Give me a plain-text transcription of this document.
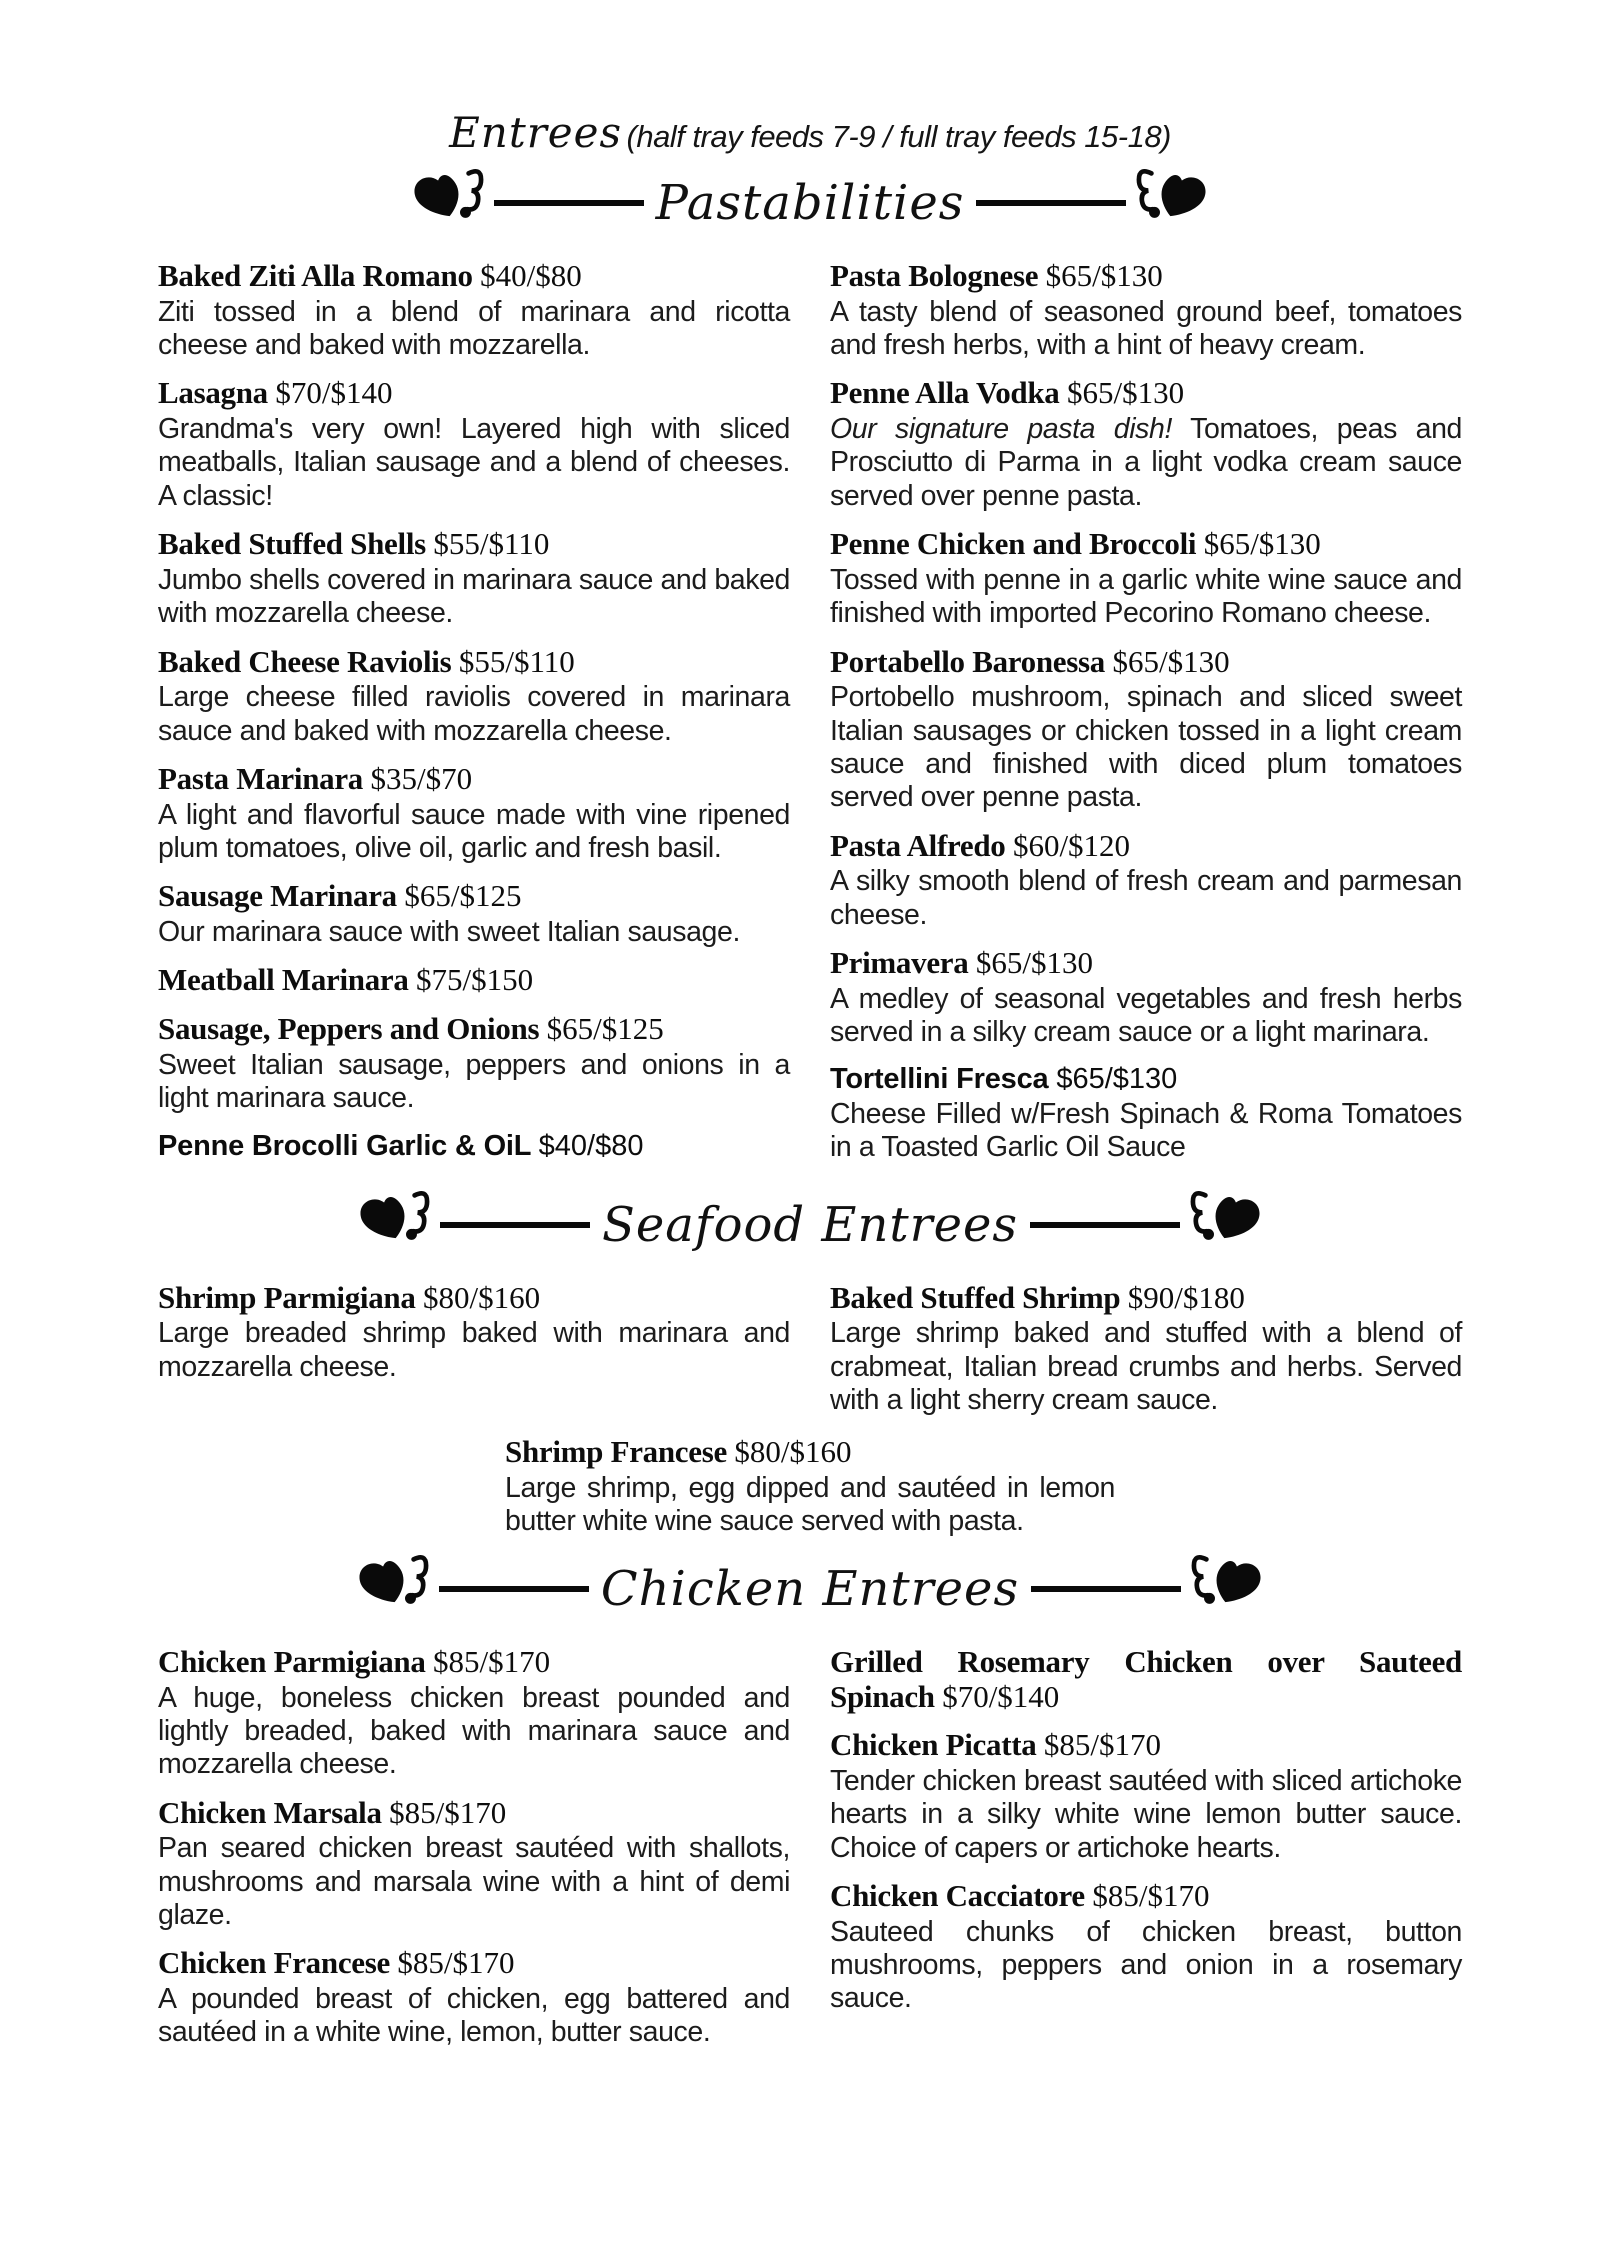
Entrees (half tray feeds 7-9 / full tray feeds 15-18)
Pastabilities
Baked Ziti Alla Romano $40/$80

Ziti tossed in a blend of marinara and ricotta cheese and baked with mozzarella.

Lasagna $70/$140

Grandma's very own! Layered high with sliced meatballs, Italian sausage and a blend of cheeses. A classic!

Baked Stuffed Shells $55/$110

Jumbo shells covered in marinara sauce and baked with mozzarella cheese.

Baked Cheese Raviolis $55/$110

Large cheese filled raviolis covered in marinara sauce and baked with mozzarella cheese.

Pasta Marinara $35/$70

A light and flavorful sauce made with vine ripened plum tomatoes, olive oil, garlic and fresh basil.

Sausage Marinara $65/$125

Our marinara sauce with sweet Italian sausage.

Meatball Marinara $75/$150
Sausage, Peppers and Onions $65/$125

Sweet Italian sausage, peppers and onions in a light marinara sauce.

Penne Brocolli Garlic & OiL $40/$80
Pasta Bolognese $65/$130

A tasty blend of seasoned ground beef, tomatoes and fresh herbs, with a hint of heavy cream.

Penne Alla Vodka $65/$130

Our signature pasta dish! Tomatoes, peas and Prosciutto di Parma in a light vodka cream sauce served over penne pasta.

Penne Chicken and Broccoli $65/$130

Tossed with penne in a garlic white wine sauce and finished with imported Pecorino Romano cheese.

Portabello Baronessa $65/$130

Portobello mushroom, spinach and sliced sweet Italian sausages or chicken tossed in a light cream sauce and finished with diced plum tomatoes served over penne pasta.

Pasta Alfredo $60/$120

A silky smooth blend of fresh cream and parmesan cheese.

Primavera $65/$130

A medley of seasonal vegetables and fresh herbs served in a silky cream sauce or a light marinara.

Tortellini Fresca $65/$130

Cheese Filled w/Fresh Spinach & Roma Tomatoes in a Toasted Garlic Oil Sauce

Seafood Entrees
Shrimp Parmigiana $80/$160

Large breaded shrimp baked with marinara and mozzarella cheese.

Baked Stuffed Shrimp $90/$180

Large shrimp baked and stuffed with a blend of crabmeat, Italian bread crumbs and herbs. Served with a light sherry cream sauce.

Shrimp Francese $80/$160

Large shrimp, egg dipped and sautéed in lemon butter white wine sauce served with pasta.

Chicken Entrees
Chicken Parmigiana $85/$170

A huge, boneless chicken breast pounded and lightly breaded, baked with marinara sauce and mozzarella cheese.

Chicken Marsala $85/$170

Pan seared chicken breast sautéed with shallots, mushrooms and marsala wine with a hint of demi glaze.

Chicken Francese $85/$170

A pounded breast of chicken, egg battered and sautéed in a white wine, lemon, butter sauce.

Grilled Rosemary Chicken over Sauteed Spinach $70/$140
Chicken Picatta $85/$170

Tender chicken breast sautéed with sliced artichoke hearts in a silky white wine lemon butter sauce. Choice of capers or artichoke hearts.

Chicken Cacciatore $85/$170

Sauteed chunks of chicken breast, button mushrooms, peppers and onion in a rosemary sauce.
